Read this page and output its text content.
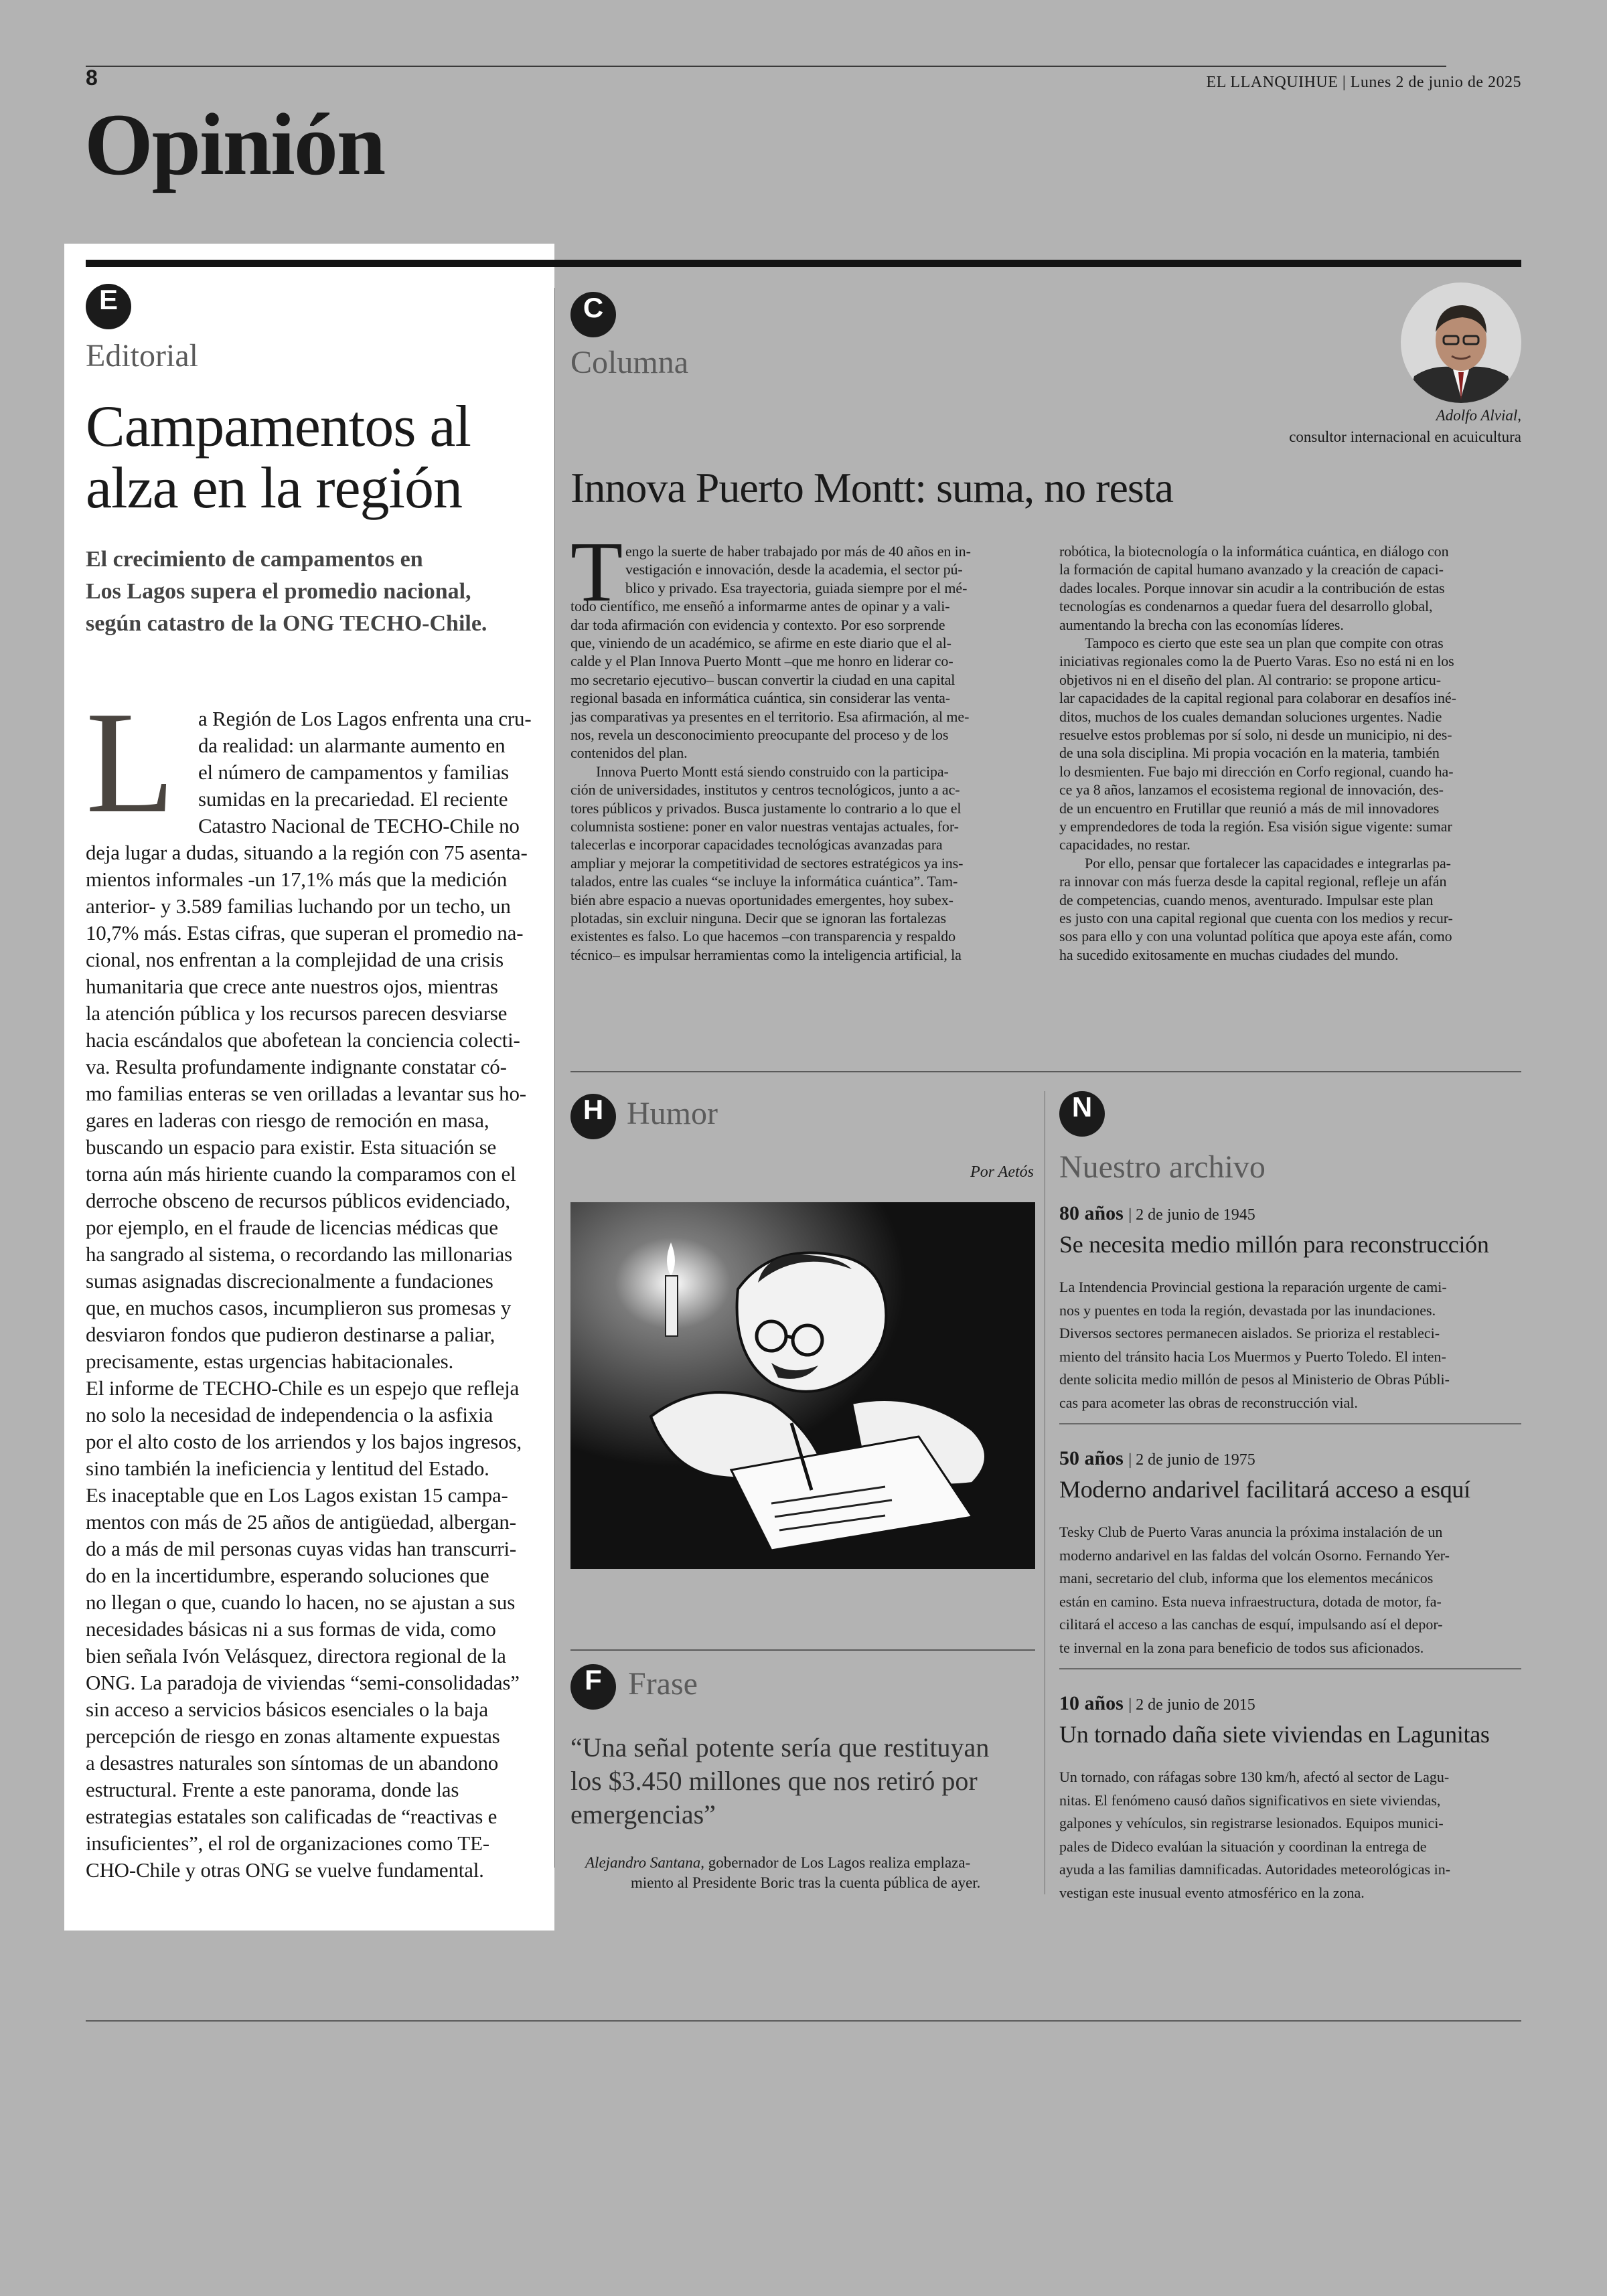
8	EL LLANQUIHUE | Lunes 2 de junio de 2025
Opinión
E
Editorial
Campamentos al
alza en la región
El crecimiento de campamentos en
Los Lagos supera el promedio nacional,
según catastro de la ONG TECHO-Chile.
L a Región de Los Lagos enfrenta una cru-
da realidad: un alarmante aumento en
el número de campamentos y familias
sumidas en la precariedad. El reciente
Catastro Nacional de TECHO-Chile no
deja lugar a dudas, situando a la región con 75 asenta-
mientos informales -un 17,1% más que la medición
anterior- y 3.589 familias luchando por un techo, un
10,7% más. Estas cifras, que superan el promedio na-
cional, nos enfrentan a la complejidad de una crisis
humanitaria que crece ante nuestros ojos, mientras
la atención pública y los recursos parecen desviarse
hacia escándalos que abofetean la conciencia colecti-
va. Resulta profundamente indignante constatar có-
mo familias enteras se ven orilladas a levantar sus ho-
gares en laderas con riesgo de remoción en masa,
buscando un espacio para existir. Esta situación se
torna aún más hiriente cuando la comparamos con el
derroche obsceno de recursos públicos evidenciado,
por ejemplo, en el fraude de licencias médicas que
ha sangrado al sistema, o recordando las millonarias
sumas asignadas discrecionalmente a fundaciones
que, en muchos casos, incumplieron sus promesas y
desviaron fondos que pudieron destinarse a paliar,
precisamente, estas urgencias habitacionales.
El informe de TECHO-Chile es un espejo que refleja
no solo la necesidad de independencia o la asfixia
por el alto costo de los arriendos y los bajos ingresos,
sino también la ineficiencia y lentitud del Estado.
Es inaceptable que en Los Lagos existan 15 campa-
mentos con más de 25 años de antigüedad, albergan-
do a más de mil personas cuyas vidas han transcurri-
do en la incertidumbre, esperando soluciones que
no llegan o que, cuando lo hacen, no se ajustan a sus
necesidades básicas ni a sus formas de vida, como
bien señala Ivón Velásquez, directora regional de la
ONG. La paradoja de viviendas “semi-consolidadas”
sin acceso a servicios básicos esenciales o la baja
percepción de riesgo en zonas altamente expuestas
a desastres naturales son síntomas de un abandono
estructural. Frente a este panorama, donde las
estrategias estatales son calificadas de “reactivas e
insuficientes”, el rol de organizaciones como TE-
CHO-Chile y otras ONG se vuelve fundamental.
C
Columna
Adolfo Alvial,
consultor internacional en acuicultura
Innova Puerto Montt: suma, no resta
T engo la suerte de haber trabajado por más de 40 años en in-
vestigación e innovación, desde la academia, el sector pú-
blico y privado. Esa trayectoria, guiada siempre por el mé-
todo científico, me enseñó a informarme antes de opinar y a vali-
dar toda afirmación con evidencia y contexto. Por eso sorprende
que, viniendo de un académico, se afirme en este diario que el al-
calde y el Plan Innova Puerto Montt –que me honro en liderar co-
mo secretario ejecutivo– buscan convertir la ciudad en una capital
regional basada en informática cuántica, sin considerar las venta-
jas comparativas ya presentes en el territorio. Esa afirmación, al me-
nos, revela un desconocimiento preocupante del proceso y de los
contenidos del plan.
Innova Puerto Montt está siendo construido con la participa-
ción de universidades, institutos y centros tecnológicos, junto a ac-
tores públicos y privados. Busca justamente lo contrario a lo que el
columnista sostiene: poner en valor nuestras ventajas actuales, for-
talecerlas e incorporar capacidades tecnológicas avanzadas para
ampliar y mejorar la competitividad de sectores estratégicos ya ins-
talados, entre las cuales “se incluye la informática cuántica”. Tam-
bién abre espacio a nuevas oportunidades emergentes, hoy subex-
plotadas, sin excluir ninguna. Decir que se ignoran las fortalezas
existentes es falso. Lo que hacemos –con transparencia y respaldo
técnico– es impulsar herramientas como la inteligencia artificial, la
robótica, la biotecnología o la informática cuántica, en diálogo con
la formación de capital humano avanzado y la creación de capaci-
dades locales. Porque innovar sin acudir a la contribución de estas
tecnologías es condenarnos a quedar fuera del desarrollo global,
aumentando la brecha con las economías líderes.
Tampoco es cierto que este sea un plan que compite con otras
iniciativas regionales como la de Puerto Varas. Eso no está ni en los
objetivos ni en el diseño del plan. Al contrario: se propone articu-
lar capacidades de la capital regional para colaborar en desafíos iné-
ditos, muchos de los cuales demandan soluciones urgentes. Nadie
resuelve estos problemas por sí solo, ni desde un municipio, ni des-
de una sola disciplina. Mi propia vocación en la materia, también
lo desmienten. Fue bajo mi dirección en Corfo regional, cuando ha-
ce ya 8 años, lanzamos el ecosistema regional de innovación, des-
de un encuentro en Frutillar que reunió a más de mil innovadores
y emprendedores de toda la región. Esa visión sigue vigente: sumar
capacidades, no restar.
Por ello, pensar que fortalecer las capacidades e integrarlas pa-
ra innovar con más fuerza desde la capital regional, refleje un afán
de competencias, cuando menos, aventurado. Impulsar este plan
es justo con una capital regional que cuenta con los medios y recur-
sos para ello y con una voluntad política que apoya este afán, como
ha sucedido exitosamente en muchas ciudades del mundo.
H Humor
Por Aetós
F Frase
“Una señal potente sería que restituyan los $3.450 millones que nos retiró por emergencias”
Alejandro Santana, gobernador de Los Lagos realiza emplaza-
miento al Presidente Boric tras la cuenta pública de ayer.
N
Nuestro archivo
80 años | 2 de junio de 1945
Se necesita medio millón para reconstrucción
La Intendencia Provincial gestiona la reparación urgente de cami-
nos y puentes en toda la región, devastada por las inundaciones.
Diversos sectores permanecen aislados. Se prioriza el restableci-
miento del tránsito hacia Los Muermos y Puerto Toledo. El inten-
dente solicita medio millón de pesos al Ministerio de Obras Públi-
cas para acometer las obras de reconstrucción vial.
50 años | 2 de junio de 1975
Moderno andarivel facilitará acceso a esquí
Tesky Club de Puerto Varas anuncia la próxima instalación de un
moderno andarivel en las faldas del volcán Osorno. Fernando Yer-
mani, secretario del club, informa que los elementos mecánicos
están en camino. Esta nueva infraestructura, dotada de motor, fa-
cilitará el acceso a las canchas de esquí, impulsando así el depor-
te invernal en la zona para beneficio de todos sus aficionados.
10 años | 2 de junio de 2015
Un tornado daña siete viviendas en Lagunitas
Un tornado, con ráfagas sobre 130 km/h, afectó al sector de Lagu-
nitas. El fenómeno causó daños significativos en siete viviendas,
galpones y vehículos, sin registrarse lesionados. Equipos munici-
pales de Dideco evalúan la situación y coordinan la entrega de
ayuda a las familias damnificadas. Autoridades meteorológicas in-
vestigan este inusual evento atmosférico en la zona.
